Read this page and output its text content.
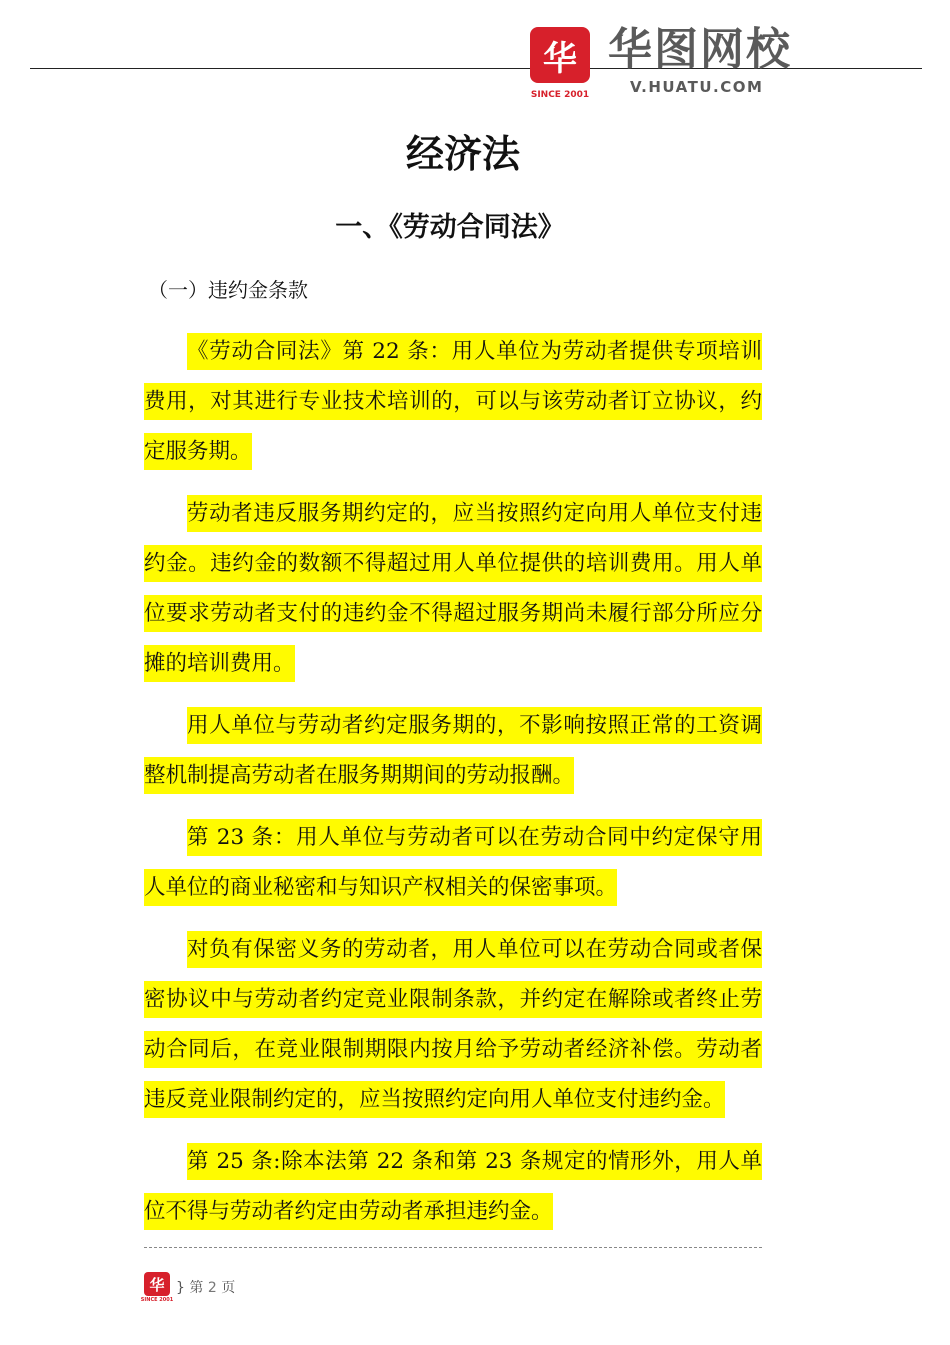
华
SINCE 2001
华图网校
V.HUATU.COM
经济法
一、《劳动合同法》
（一）违约金条款

《劳动合同法》第 22 条：用人单位为劳动者提供专项培训费用，对其进行专业技术培训的，可以与该劳动者订立协议，约定服务期。

劳动者违反服务期约定的，应当按照约定向用人单位支付违约金。违约金的数额不得超过用人单位提供的培训费用。用人单位要求劳动者支付的违约金不得超过服务期尚未履行部分所应分摊的培训费用。

用人单位与劳动者约定服务期的，不影响按照正常的工资调整机制提高劳动者在服务期期间的劳动报酬。

第 23 条：用人单位与劳动者可以在劳动合同中约定保守用人单位的商业秘密和与知识产权相关的保密事项。

对负有保密义务的劳动者，用人单位可以在劳动合同或者保密协议中与劳动者约定竞业限制条款，并约定在解除或者终止劳动合同后，在竞业限制期限内按月给予劳动者经济补偿。劳动者违反竞业限制约定的，应当按照约定向用人单位支付违约金。

第 25 条:除本法第 22 条和第 23 条规定的情形外，用人单位不得与劳动者约定由劳动者承担违约金。

华
SINCE 2001
} 第 2 页
